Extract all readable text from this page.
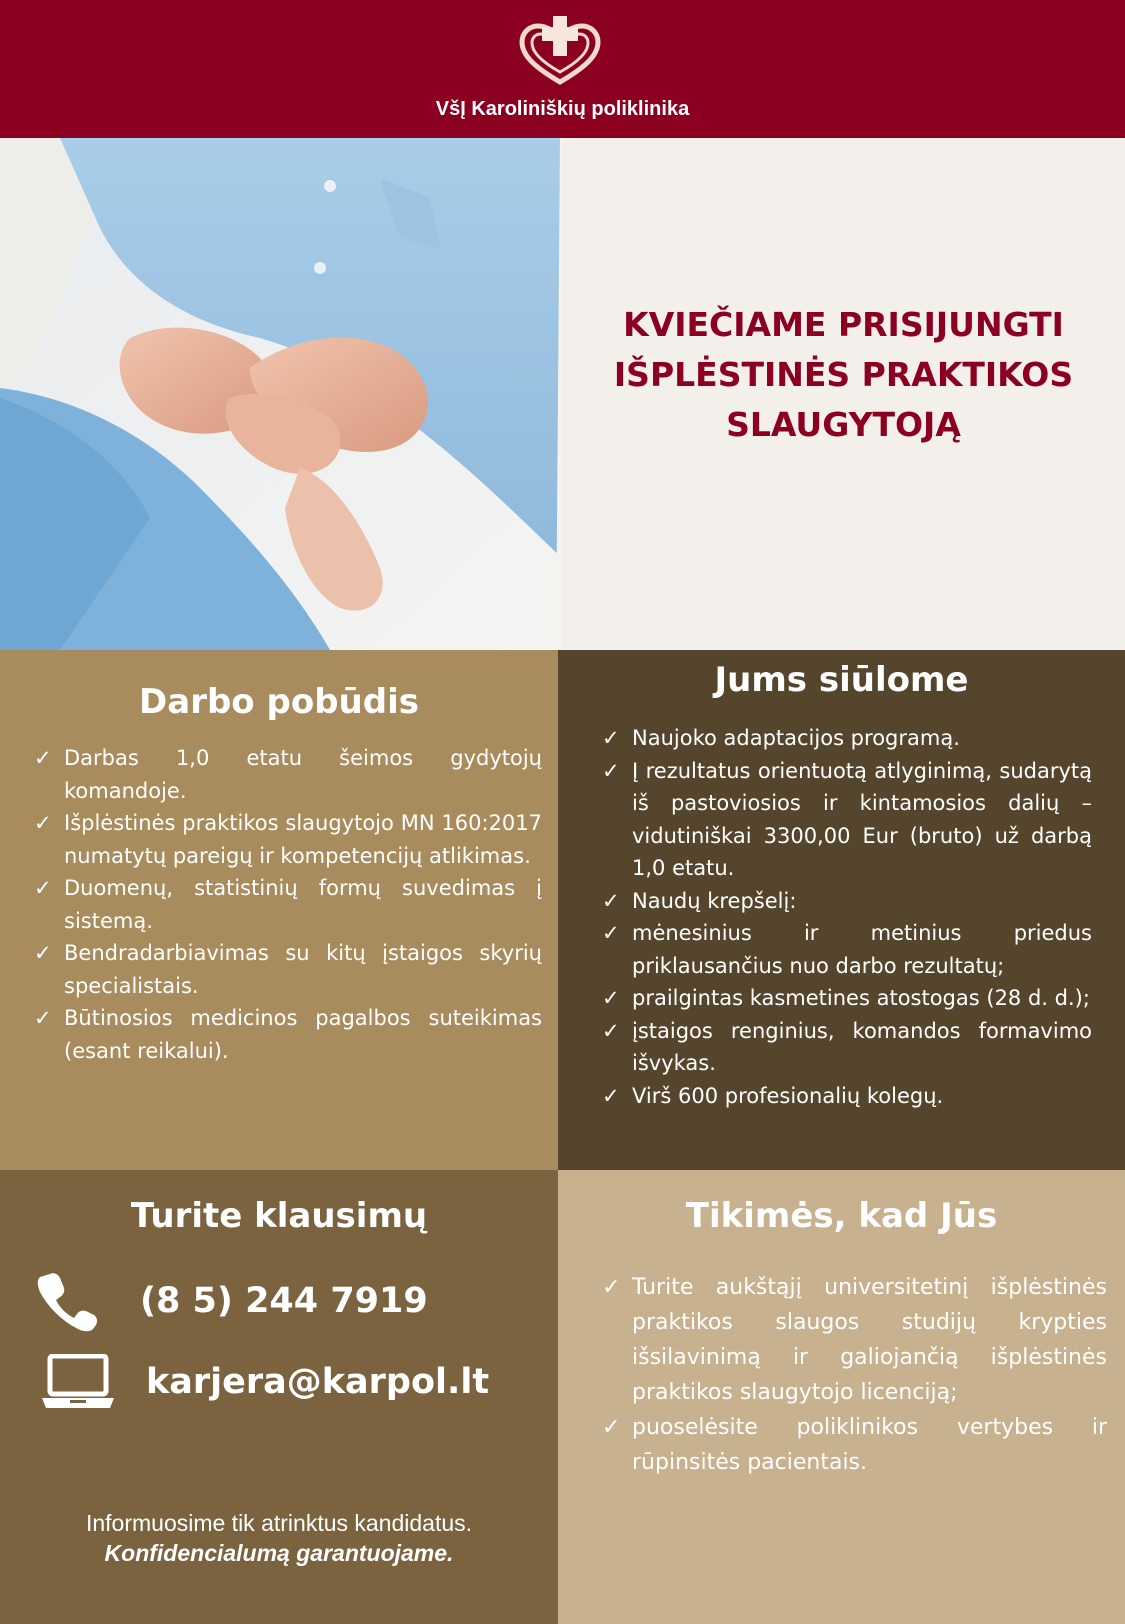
VšĮ Karoliniškių poliklinika
KVIEČIAME PRISIJUNGTI
IŠPLĖSTINĖS PRAKTIKOS
SLAUGYTOJĄ
Darbo pobūdis
✓ Darbas 1,0 etatu šeimos gydytojų komandoje.
✓ Išplėstinės praktikos slaugytojo MN 160:2017 numatytų pareigų ir kompetencijų atlikimas.
✓ Duomenų, statistinių formų suvedimas į sistemą.
✓ Bendradarbiavimas su kitų įstaigos skyrių specialistais.
✓ Būtinosios medicinos pagalbos suteikimas (esant reikalui).
Jums siūlome
✓ Naujoko adaptacijos programą.
✓ Į rezultatus orientuotą atlyginimą, sudarytą iš pastoviosios ir kintamosios dalių – vidutiniškai 3300,00 Eur (bruto) už darbą 1,0 etatu.
✓ Naudų krepšelį:
✓ mėnesinius ir metinius priedus priklausančius nuo darbo rezultatų;
✓ prailgintas kasmetines atostogas (28 d. d.);
✓ įstaigos renginius, komandos formavimo išvykas.
✓ Virš 600 profesionalių kolegų.
Turite klausimų
(8 5) 244 7919
karjera@karpol.lt
Informuosime tik atrinktus kandidatus.
Konfidencialumą garantuojame.
Tikimės, kad Jūs
✓ Turite aukštąjį universitetinį išplėstinės praktikos slaugos studijų krypties išsilavinimą ir galiojančią išplėstinės praktikos slaugytojo licenciją;
✓ puoselėsite poliklinikos vertybes ir rūpinsitės pacientais.
